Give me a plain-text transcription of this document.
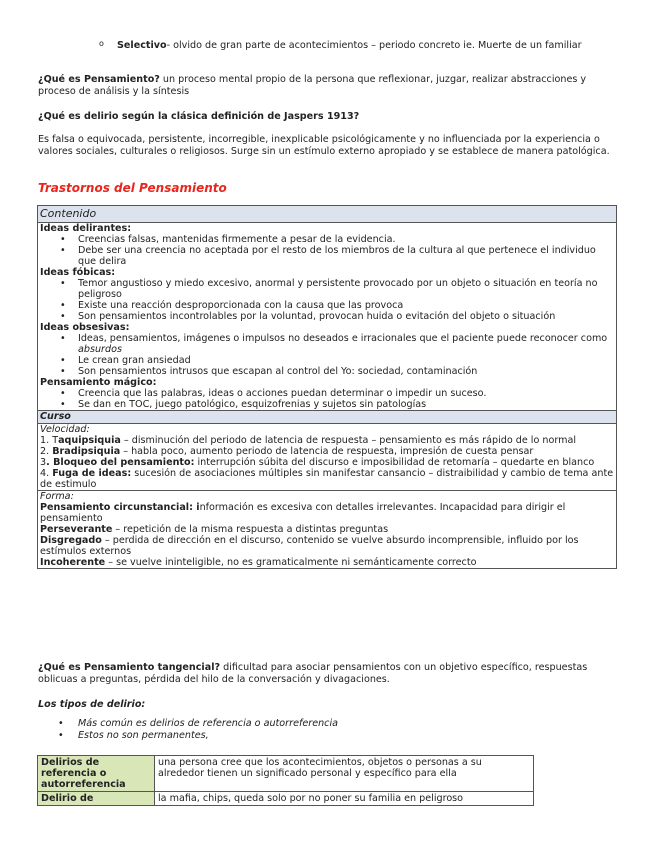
o Selectivo- olvido de gran parte de acontecimientos – periodo concreto ie. Muerte de un familiar
¿Qué es Pensamiento? un proceso mental propio de la persona que reflexionar, juzgar, realizar abstracciones y proceso de análisis y la síntesis
¿Qué es delirio según la clásica definición de Jaspers 1913?
Es falsa o equivocada, persistente, incorregible, inexplicable psicológicamente y no influenciada por la experiencia o valores sociales, culturales o religiosos. Surge sin un estímulo externo apropiado y se establece de manera patológica.
Trastornos del Pensamiento
Contenido

Ideas delirantes:
• Creencias falsas, mantenidas firmemente a pesar de la evidencia.
• Debe ser una creencia no aceptada por el resto de los miembros de la cultura al que pertenece el individuo que delira
Ideas fóbicas:
• Temor angustioso y miedo excesivo, anormal y persistente provocado por un objeto o situación en teoría no peligroso
• Existe una reacción desproporcionada con la causa que las provoca
• Son pensamientos incontrolables por la voluntad, provocan huida o evitación del objeto o situación
Ideas obsesivas:
• Ideas, pensamientos, imágenes o impulsos no deseados e irracionales que el paciente puede reconocer como absurdos
• Le crean gran ansiedad
• Son pensamientos intrusos que escapan al control del Yo: sociedad, contaminación
Pensamiento mágico:
• Creencia que las palabras, ideas o acciones puedan determinar o impedir un suceso.
• Se dan en TOC, juego patológico, esquizofrenias y sujetos sin patologías

Curso

Velocidad:
1. Taquipsiquia – disminución del periodo de latencia de respuesta – pensamiento es más rápido de lo normal
2. Bradipsiquia – habla poco, aumento periodo de latencia de respuesta, impresión de cuesta pensar
3. Bloqueo del pensamiento: interrupción súbita del discurso e imposibilidad de retomaría – quedarte en blanco
4. Fuga de ideas: sucesión de asociaciones múltiples sin manifestar cansancio – distraibilidad y cambio de tema ante de estimulo

Forma:
Pensamiento circunstancial: información es excesiva con detalles irrelevantes. Incapacidad para dirigir el pensamiento
Perseverante – repetición de la misma respuesta a distintas preguntas
Disgregado – perdida de dirección en el discurso, contenido se vuelve absurdo incomprensible, influido por los estímulos externos
Incoherente – se vuelve ininteligible, no es gramaticalmente ni semánticamente correcto
¿Qué es Pensamiento tangencial? dificultad para asociar pensamientos con un objetivo específico, respuestas oblicuas a preguntas, pérdida del hilo de la conversación y divagaciones.
Los tipos de delirio:
• Más común es delirios de referencia o autorreferencia
• Estos no son permanentes,
Delirios de referencia o autorreferencia	una persona cree que los acontecimientos, objetos o personas a su alrededor tienen un significado personal y específico para ella
Delirio de	la mafia, chips, queda solo por no poner su familia en peligroso
